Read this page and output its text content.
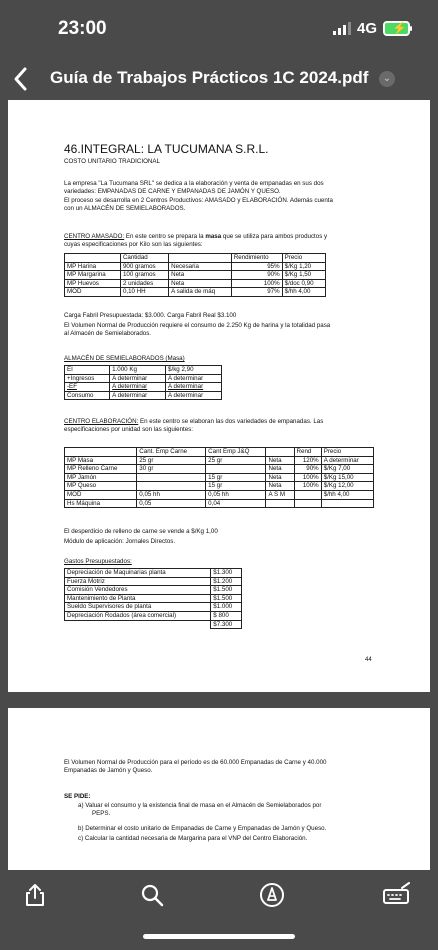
23:00	4G ⚡
Guía de Trabajos Prácticos 1C 2024.pdf	⌄
46.INTEGRAL: LA TUCUMANA S.R.L.
COSTO UNITARIO TRADICIONAL
La empresa "La Tucumana SRL" se dedica a la elaboración y venta de empanadas en sus dos
variedades: EMPANADAS DE CARNE Y EMPANADAS DE JAMÓN Y QUESO.
El proceso se desarrolla en 2 Centros Productivos: AMASADO y ELABORACIÓN. Además cuenta
con un ALMACÉN DE SEMIELABORADOS.
CENTRO AMASADO: En este centro se prepara la masa que se utiliza para ambos productos y
cuyas especificaciones por Kilo son las siguientes:
	Cantidad		Rendimiento	Precio
MP Harina	900 gramos	Necesaria	95%	$/Kg 1,20
MP Margarina	100 gramos	Neta	90%	$/Kg 1,50
MP Huevos	2 unidades	Neta	100%	$/doc 0,90
MOD	0,10 HH	A salida de máq	97%	$/hh 4,00
Carga Fabril Presupuestada: $3.000. Carga Fabril Real $3.100
El Volumen Normal de Producción requiere el consumo de 2.250 Kg de harina y la totalidad pasa
al Almacén de Semielaborados.
ALMACÉN DE SEMIELABORADOS (Masa)
EI	1.000 Kg	$/kg 2,90
+Ingresos	A determinar	A determinar
-EF	A determinar	A determinar
Consumo	A determinar	A determinar
CENTRO ELABORACIÓN: En este centro se elaboran las dos variedades de empanadas. Las
especificaciones por unidad son las siguientes:
	Cant. Emp Carne	Cant Emp J&Q		Rend	Precio
MP Masa	25 gr	25 gr	Neta	120%	A determinar
MP Relleno Carne	30 gr		Neta	90%	$/Kg 7,00
MP Jamón		15 gr	Neta	100%	$/Kg 15,00
MP Queso		15 gr	Neta	100%	$/Kg 12,00
MOD	0,05 hh	0,05 hh	A S M		$/hh 4,00
Hs Máquina	0,05	0,04			
El desperdicio de relleno de carne se vende a $/Kg 1,00
Módulo de aplicación: Jornales Directos.
Gastos Presupuestados:
Depreciación de Maquinarias planta	$1.300
Fuerza Motriz	$1.200
Comisión Vendedores	$1.500
Mantenimiento de Planta	$1.500
Sueldo Supervisores de planta	$1.000
Depreciación Rodados (área comercial)	$ 800
	$7.300
44
El Volumen Normal de Producción para el período es de 60.000 Empanadas de Carne y 40.000
Empanadas de Jamón y Queso.
SE PIDE:
a) Valuar el consumo y la existencia final de masa en el Almacén de Semielaborados por
PEPS.
b) Determinar el costo unitario de Empanadas de Carne y Empanadas de Jamón y Queso.
c) Calcular la cantidad necesaria de Margarina para el VNP del Centro Elaboración.
